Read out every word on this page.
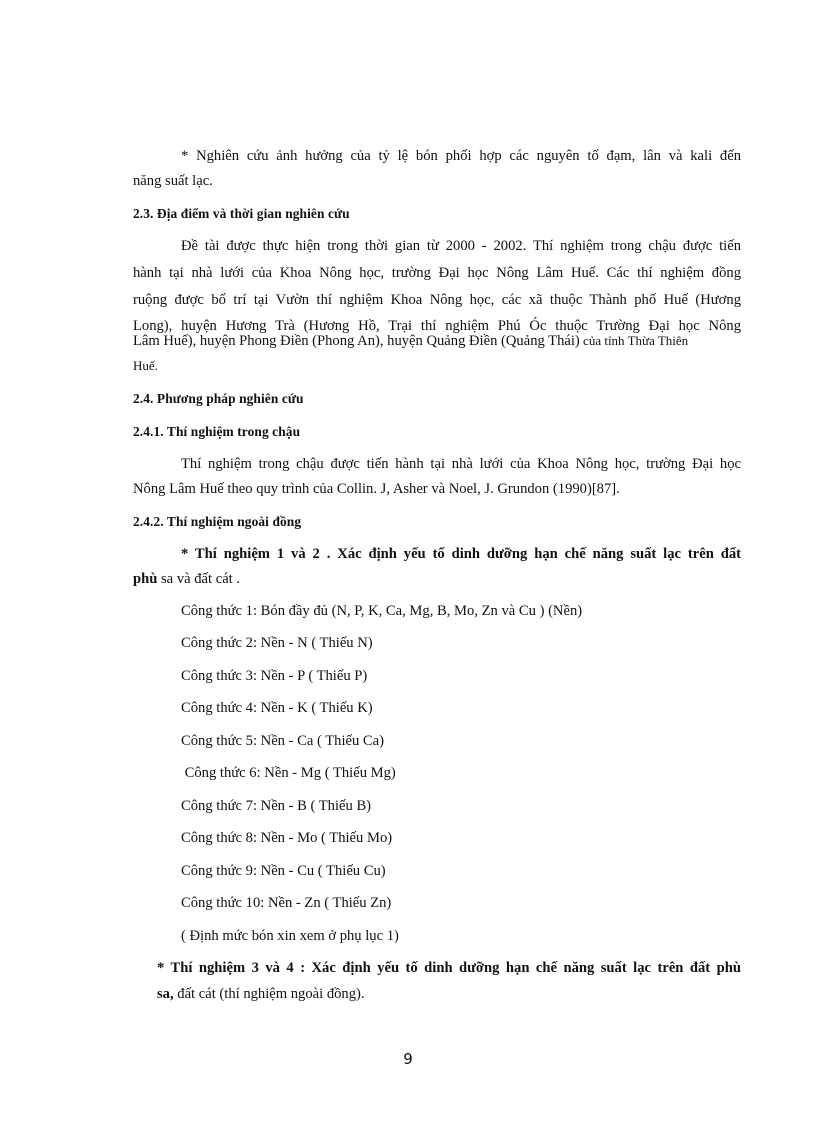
* Nghiên cứu ảnh hưởng của tỷ lệ bón phối hợp các nguyên tố đạm, lân và kali đến
năng suất lạc.
2.3. Địa điểm và thời gian nghiên cứu
Đề tài được thực hiện trong thời gian từ 2000 - 2002. Thí nghiệm trong chậu được tiến
hành tại nhà lưới của Khoa Nông học, trường Đại học Nông Lâm Huế. Các thí nghiệm đồng
ruộng được bố trí tại Vườn thí nghiệm Khoa Nông học, các xã thuộc Thành phố Huế (Hương
Long), huyện Hương Trà (Hương Hồ, Trại thí nghiệm Phú Óc thuộc Trường Đại học Nông
Lâm Huế), huyện Phong Điền (Phong An), huyện Quảng Điền (Quảng Thái) của tỉnh Thừa Thiên
Huế.
2.4. Phương pháp nghiên cứu
2.4.1. Thí nghiệm trong chậu
Thí nghiệm trong chậu được tiến hành tại nhà lưới của Khoa Nông học, trường Đại học
Nông Lâm Huế theo quy trình của Collin. J, Asher và Noel, J. Grundon (1990)[87].
2.4.2. Thí nghiệm ngoài đồng
* Thí nghiệm 1 và 2 . Xác định yếu tố dinh dưỡng hạn chế năng suất lạc trên đất
phù sa và đất cát .
Công thức 1: Bón đầy đủ (N, P, K, Ca, Mg, B, Mo, Zn và Cu ) (Nền)
Công thức 2: Nền - N ( Thiếu N)
Công thức 3: Nền - P ( Thiếu P)
Công thức 4: Nền - K ( Thiếu K)
Công thức 5: Nền - Ca ( Thiếu Ca)
Công thức 6: Nền - Mg ( Thiếu Mg)
Công thức 7: Nền - B ( Thiếu B)
Công thức 8: Nền - Mo ( Thiếu Mo)
Công thức 9: Nền - Cu ( Thiếu Cu)
Công thức 10: Nền - Zn ( Thiếu Zn)
( Định mức bón xin xem ở phụ lục 1)
* Thí nghiệm 3 và 4 : Xác định yếu tố dinh dưỡng hạn chế năng suất lạc trên đất phù
sa, đất cát (thí nghiệm ngoài đồng).
9
